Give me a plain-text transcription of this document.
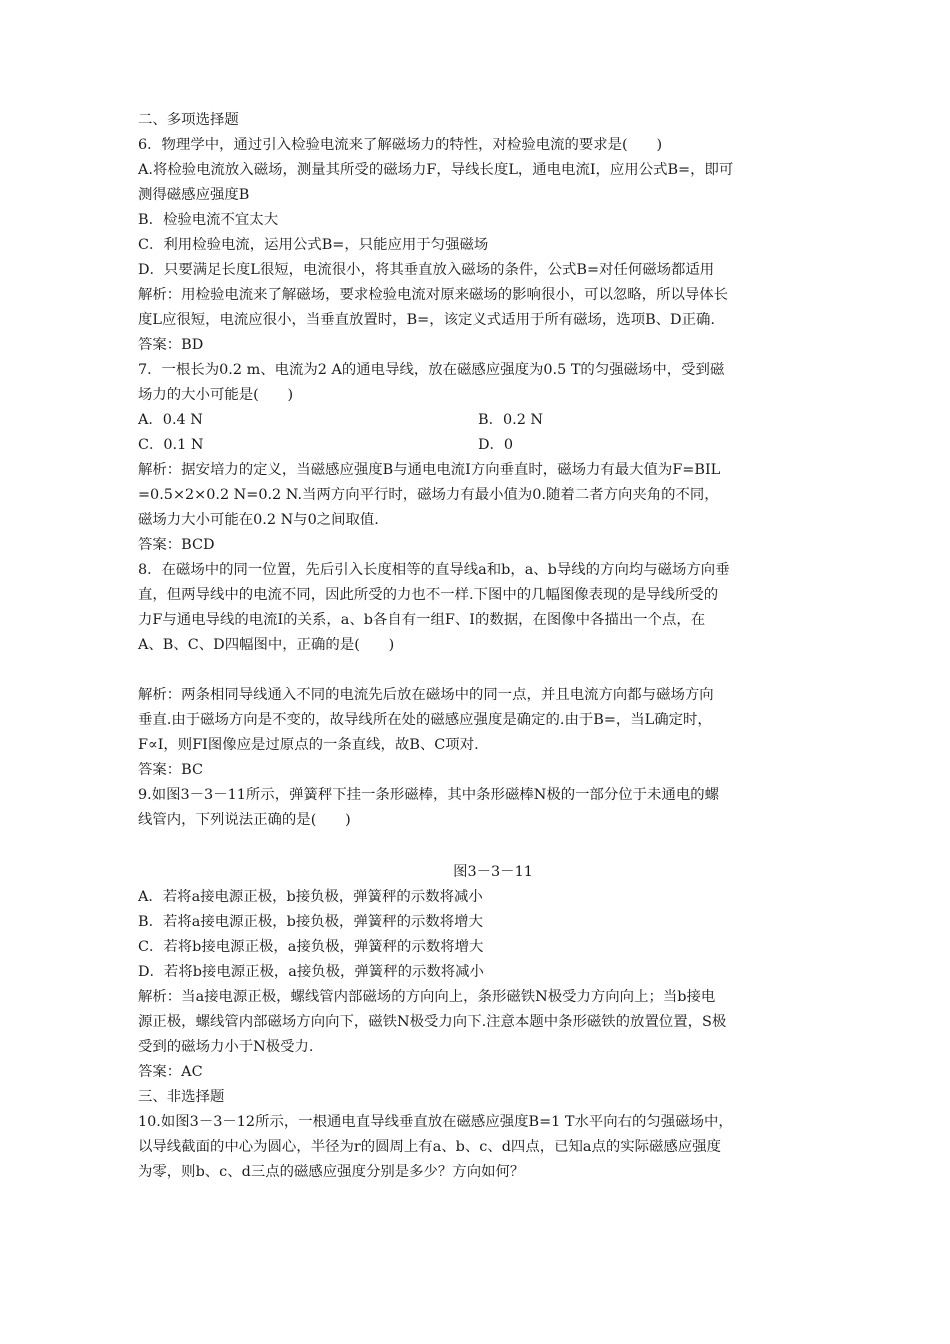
二、多项选择题
6．物理学中，通过引入检验电流来了解磁场力的特性，对检验电流的要求是(　　)
A.将检验电流放入磁场，测量其所受的磁场力F，导线长度L，通电电流I，应用公式B=，即可
测得磁感应强度B
B．检验电流不宜太大
C．利用检验电流，运用公式B=，只能应用于匀强磁场
D．只要满足长度L很短，电流很小，将其垂直放入磁场的条件，公式B=对任何磁场都适用
解析：用检验电流来了解磁场，要求检验电流对原来磁场的影响很小，可以忽略，所以导体长
度L应很短，电流应很小，当垂直放置时，B=，该定义式适用于所有磁场，选项B、D正确.
答案：BD
7．一根长为0.2 m、电流为2 A的通电导线，放在磁感应强度为0.5 T的匀强磁场中，受到磁
场力的大小可能是(　　)
A．0.4 N	B．0.2 N
C．0.1 N	D．0
解析：据安培力的定义，当磁感应强度B与通电电流I方向垂直时，磁场力有最大值为F=BIL
=0.5×2×0.2 N=0.2 N.当两方向平行时，磁场力有最小值为0.随着二者方向夹角的不同，
磁场力大小可能在0.2 N与0之间取值.
答案：BCD
8．在磁场中的同一位置，先后引入长度相等的直导线a和b，a、b导线的方向均与磁场方向垂
直，但两导线中的电流不同，因此所受的力也不一样.下图中的几幅图像表现的是导线所受的
力F与通电导线的电流I的关系，a、b各自有一组F、I的数据，在图像中各描出一个点，在
A、B、C、D四幅图中，正确的是(　　)
解析：两条相同导线通入不同的电流先后放在磁场中的同一点，并且电流方向都与磁场方向
垂直.由于磁场方向是不变的，故导线所在处的磁感应强度是确定的.由于B=，当L确定时，
F∝I，则FI图像应是过原点的一条直线，故B、C项对.
答案：BC
9.如图3－3－11所示，弹簧秤下挂一条形磁棒，其中条形磁棒N极的一部分位于未通电的螺
线管内，下列说法正确的是(　　)
图3－3－11
A．若将a接电源正极，b接负极，弹簧秤的示数将减小
B．若将a接电源正极，b接负极，弹簧秤的示数将增大
C．若将b接电源正极，a接负极，弹簧秤的示数将增大
D．若将b接电源正极，a接负极，弹簧秤的示数将减小
解析：当a接电源正极，螺线管内部磁场的方向向上，条形磁铁N极受力方向向上；当b接电
源正极，螺线管内部磁场方向向下，磁铁N极受力向下.注意本题中条形磁铁的放置位置，S极
受到的磁场力小于N极受力.
答案：AC
三、非选择题
10.如图3－3－12所示，一根通电直导线垂直放在磁感应强度B=1 T水平向右的匀强磁场中，
以导线截面的中心为圆心，半径为r的圆周上有a、b、c、d四点，已知a点的实际磁感应强度
为零，则b、c、d三点的磁感应强度分别是多少？方向如何？
